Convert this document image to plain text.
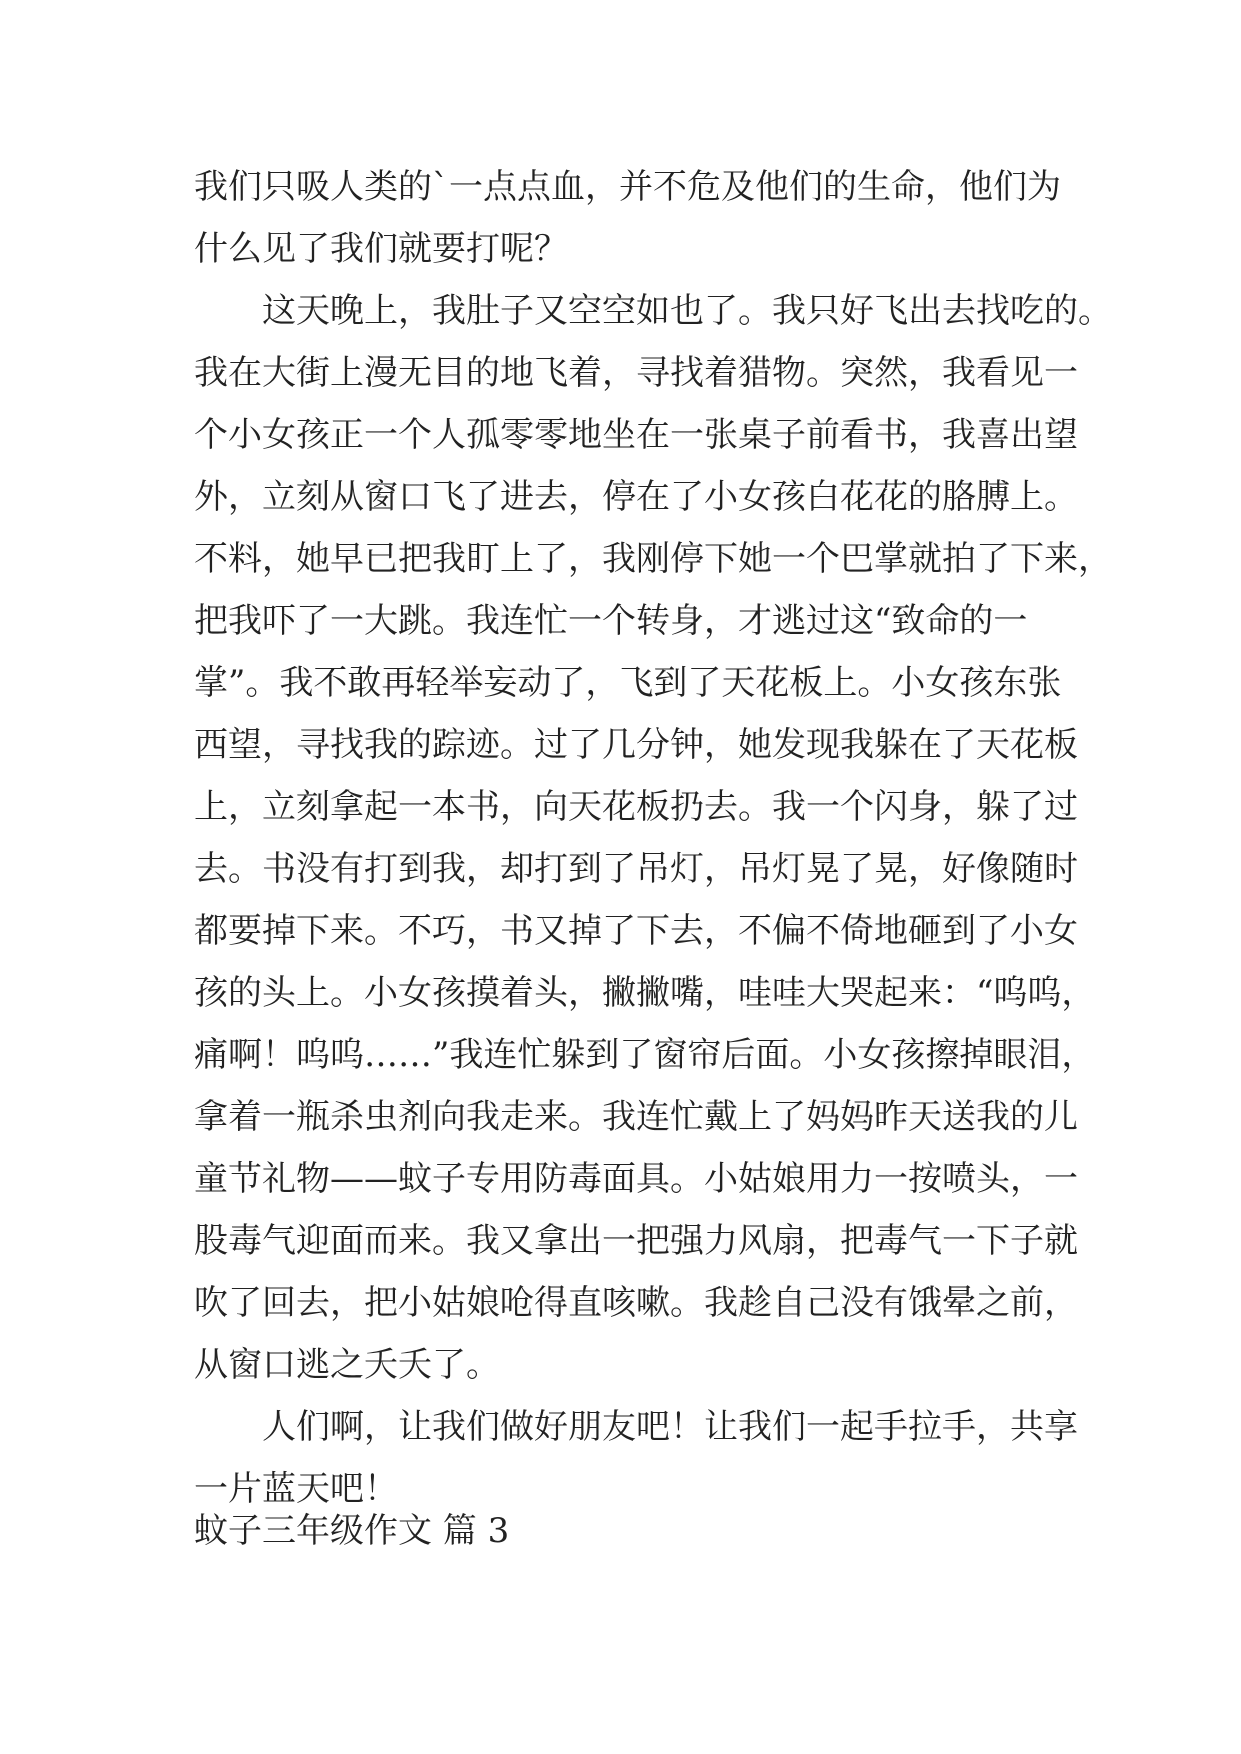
我们只吸人类的`一点点血，并不危及他们的生命，他们为
什么见了我们就要打呢？
这天晚上，我肚子又空空如也了。我只好飞出去找吃的。
我在大街上漫无目的地飞着，寻找着猎物。突然，我看见一
个小女孩正一个人孤零零地坐在一张桌子前看书，我喜出望
外，立刻从窗口飞了进去，停在了小女孩白花花的胳膊上。
不料，她早已把我盯上了，我刚停下她一个巴掌就拍了下来，
把我吓了一大跳。我连忙一个转身，才逃过这“致命的一
掌”。我不敢再轻举妄动了，飞到了天花板上。小女孩东张
西望，寻找我的踪迹。过了几分钟，她发现我躲在了天花板
上，立刻拿起一本书，向天花板扔去。我一个闪身，躲了过
去。书没有打到我，却打到了吊灯，吊灯晃了晃，好像随时
都要掉下来。不巧，书又掉了下去，不偏不倚地砸到了小女
孩的头上。小女孩摸着头，撇撇嘴，哇哇大哭起来：“呜呜，
痛啊！呜呜……”我连忙躲到了窗帘后面。小女孩擦掉眼泪，
拿着一瓶杀虫剂向我走来。我连忙戴上了妈妈昨天送我的儿
童节礼物——蚊子专用防毒面具。小姑娘用力一按喷头，一
股毒气迎面而来。我又拿出一把强力风扇，把毒气一下子就
吹了回去，把小姑娘呛得直咳嗽。我趁自己没有饿晕之前，
从窗口逃之夭夭了。
人们啊，让我们做好朋友吧！让我们一起手拉手，共享
一片蓝天吧！
蚊子三年级作文 篇 3
